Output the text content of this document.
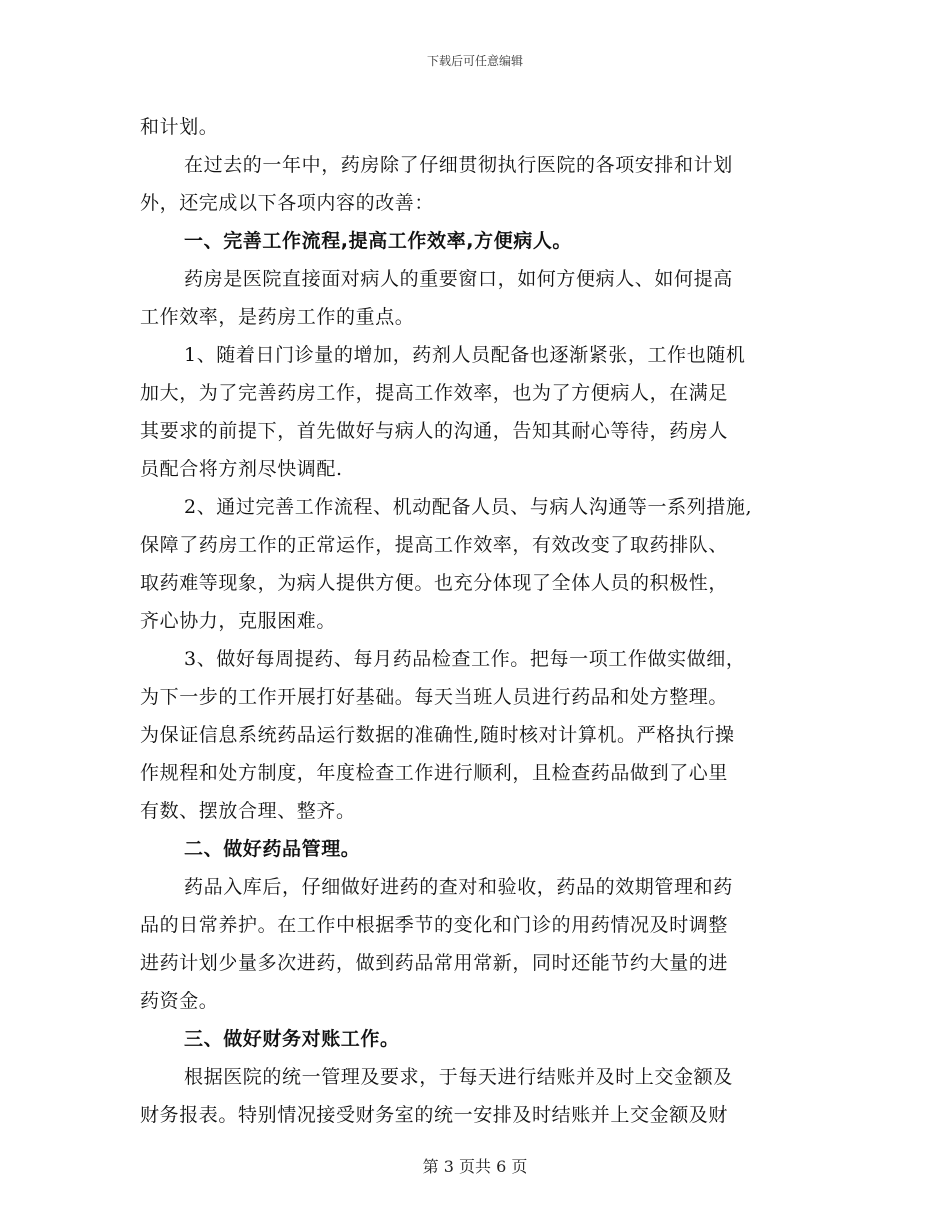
下载后可任意编辑
和计划。
在过去的一年中，药房除了仔细贯彻执行医院的各项安排和计划
外，还完成以下各项内容的改善：
一、完善工作流程,提高工作效率,方便病人。
药房是医院直接面对病人的重要窗口，如何方便病人、如何提高
工作效率，是药房工作的重点。
1、随着日门诊量的增加，药剂人员配备也逐渐紧张，工作也随机
加大，为了完善药房工作，提高工作效率，也为了方便病人，在满足
其要求的前提下，首先做好与病人的沟通，告知其耐心等待，药房人
员配合将方剂尽快调配.
2、通过完善工作流程、机动配备人员、与病人沟通等一系列措施,
保障了药房工作的正常运作，提高工作效率，有效改变了取药排队、
取药难等现象，为病人提供方便。也充分体现了全体人员的积极性，
齐心协力，克服困难。
3、做好每周提药、每月药品检查工作。把每一项工作做实做细，
为下一步的工作开展打好基础。每天当班人员进行药品和处方整理。
为保证信息系统药品运行数据的准确性,随时核对计算机。严格执行操
作规程和处方制度，年度检查工作进行顺利，且检查药品做到了心里
有数、摆放合理、整齐。
二、做好药品管理。
药品入库后，仔细做好进药的查对和验收，药品的效期管理和药
品的日常养护。在工作中根据季节的变化和门诊的用药情况及时调整
进药计划少量多次进药，做到药品常用常新，同时还能节约大量的进
药资金。
三、做好财务对账工作。
根据医院的统一管理及要求，于每天进行结账并及时上交金额及
财务报表。特别情况接受财务室的统一安排及时结账并上交金额及财
第 3 页共 6 页
